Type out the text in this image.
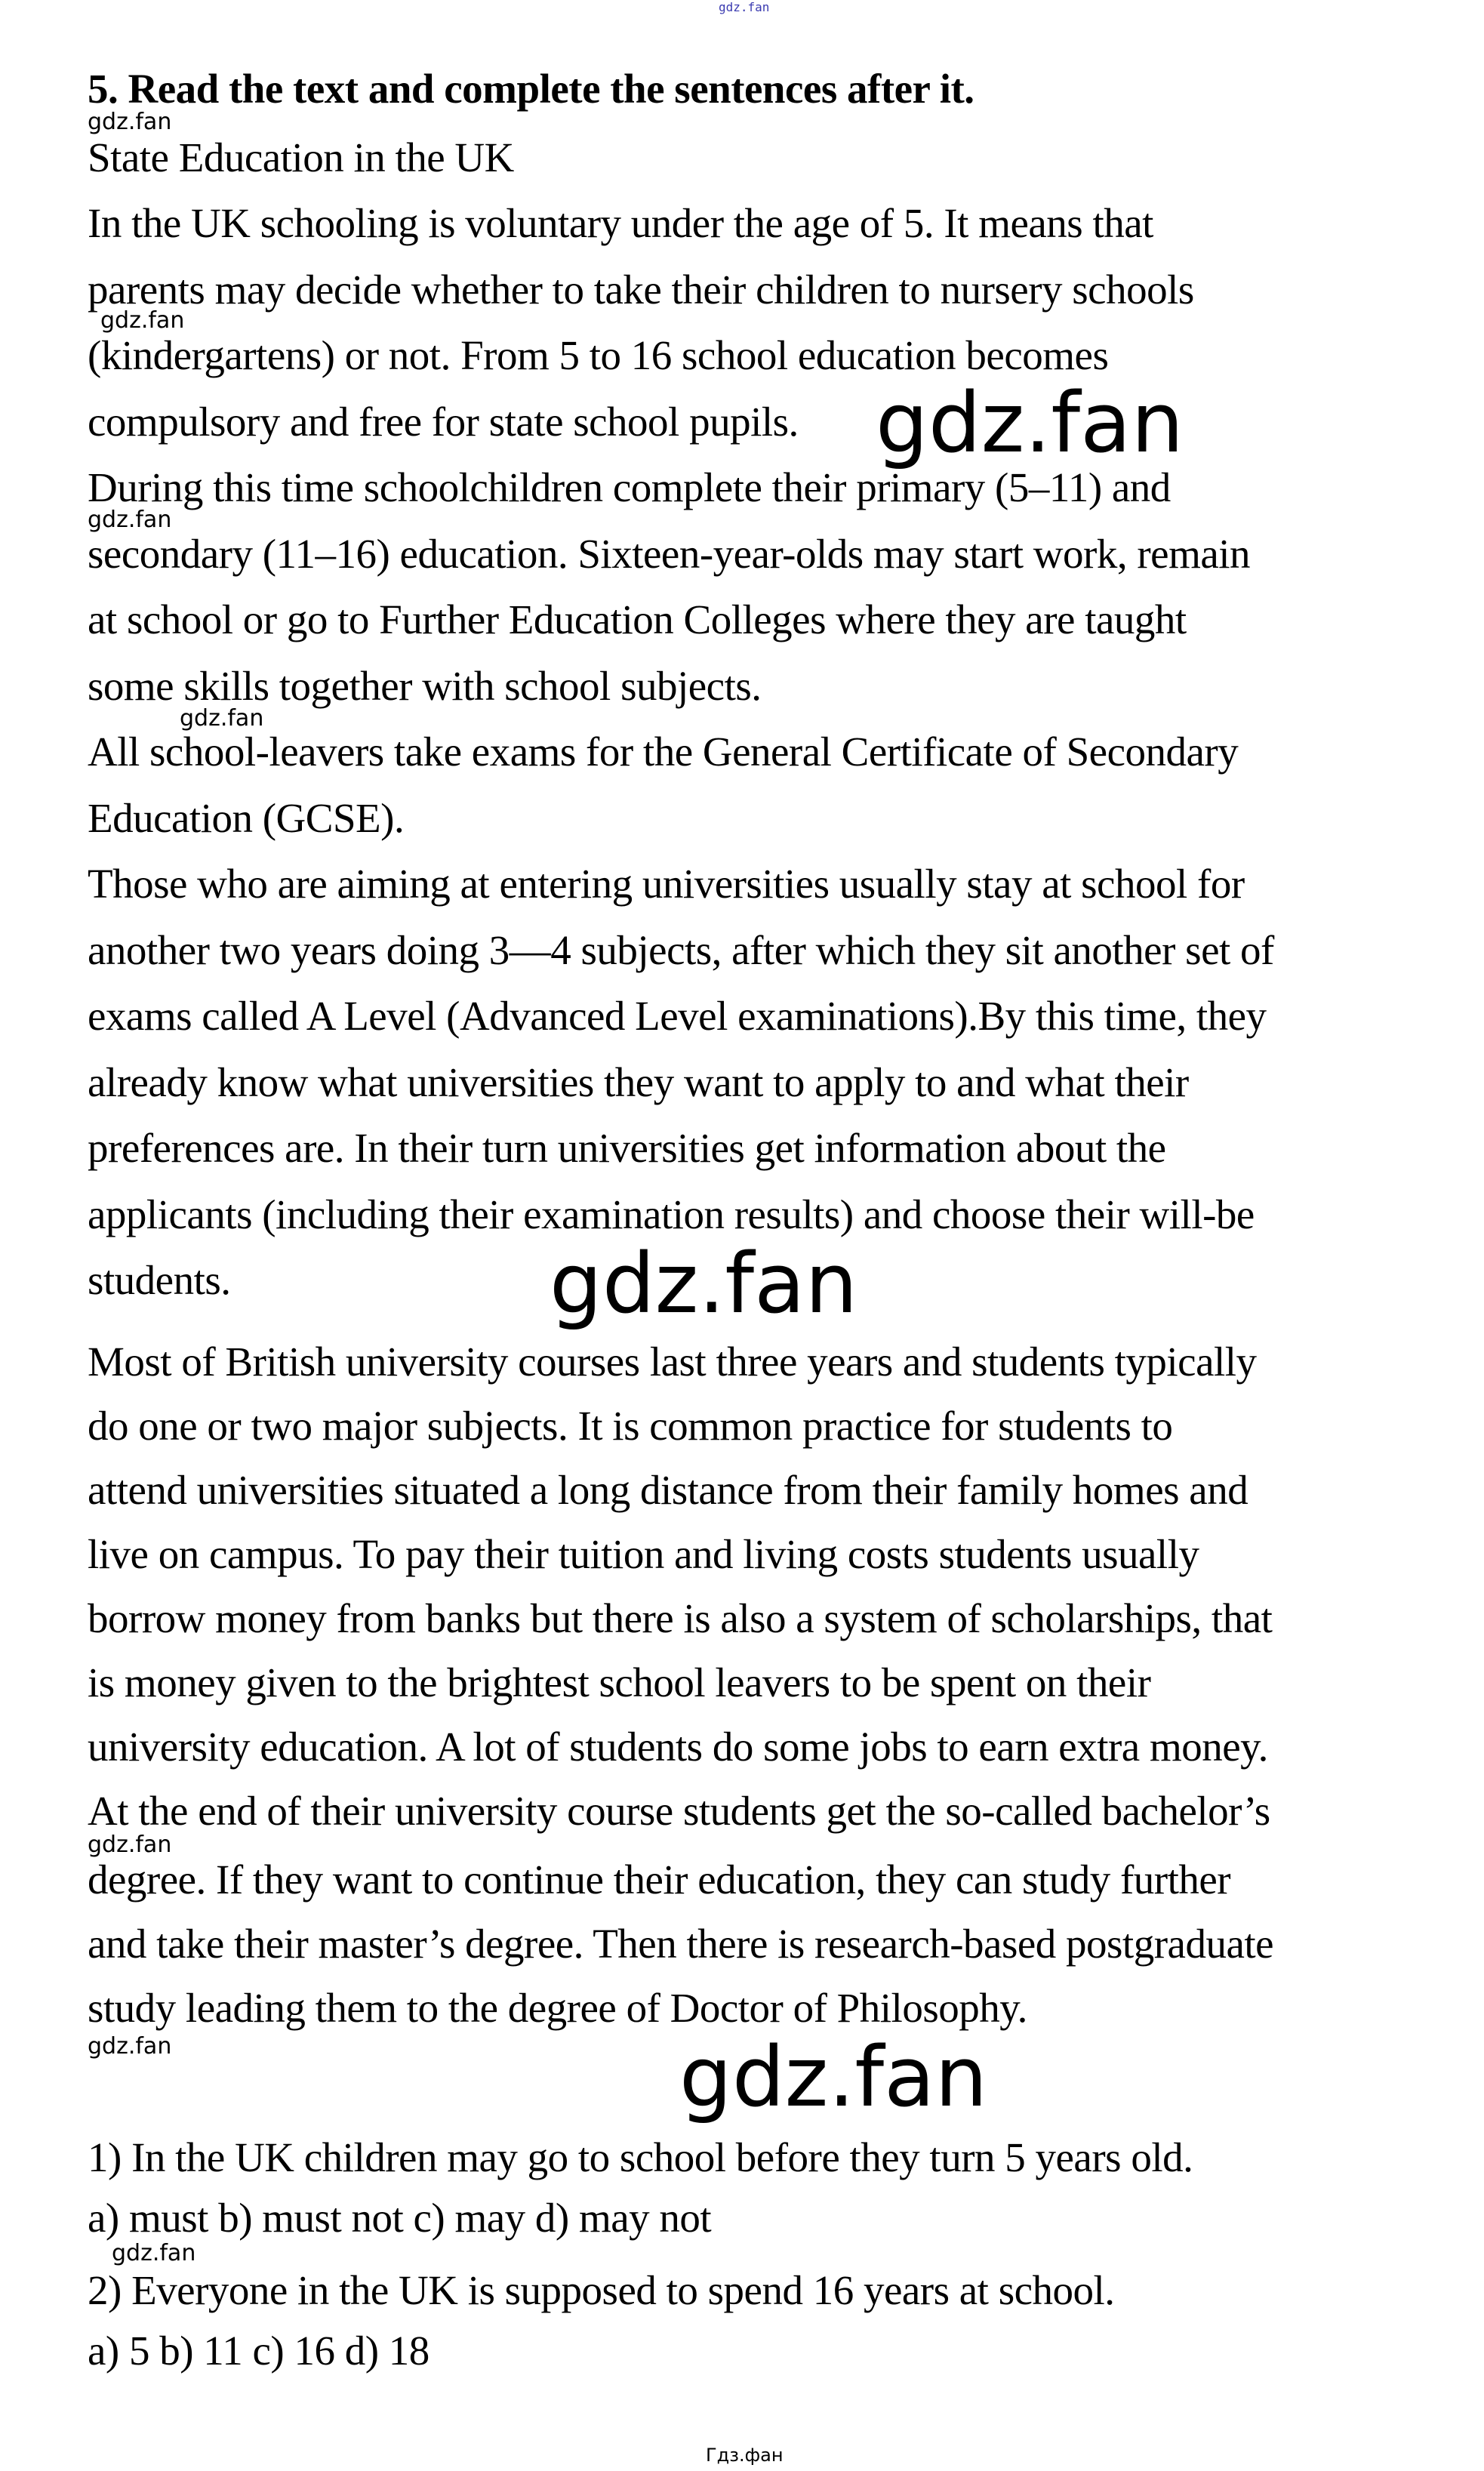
gdz.fan
5. Read the text and complete the sentences after it.
gdz.fan
State Education in the UK
In the UK schooling is voluntary under the age of 5. It means that
parents may decide whether to take their children to nursery schools
gdz.fan
(kindergartens) or not. From 5 to 16 school education becomes
compulsory and free for state school pupils. gdz.fan
During this time schoolchildren complete their primary (5–11) and
gdz.fan
secondary (11–16) education. Sixteen-year-olds may start work, remain
at school or go to Further Education Colleges where they are taught
some skills together with school subjects.
gdz.fan
All school-leavers take exams for the General Certificate of Secondary
Education (GCSE).
Those who are aiming at entering universities usually stay at school for
another two years doing 3—4 subjects, after which they sit another set of
exams called A Level (Advanced Level examinations).By this time, they
already know what universities they want to apply to and what their
preferences are. In their turn universities get information about the
applicants (including their examination results) and choose their will-be
students.	gdz.fan
Most of British university courses last three years and students typically
do one or two major subjects. It is common practice for students to
attend universities situated a long distance from their family homes and
live on campus. To pay their tuition and living costs students usually
borrow money from banks but there is also a system of scholarships, that
is money given to the brightest school leavers to be spent on their
university education. A lot of students do some jobs to earn extra money.
At the end of their university course students get the so-called bachelor’s
gdz.fan
degree. If they want to continue their education, they can study further
and take their master’s degree. Then there is research-based postgraduate
study leading them to the degree of Doctor of Philosophy.
gdz.fan	gdz.fan
1) In the UK children may go to school before they turn 5 years old.
a) must b) must not c) may d) may not
gdz.fan
2) Everyone in the UK is supposed to spend 16 years at school.
a) 5 b) 11 c) 16 d) 18
Гдз.фан
